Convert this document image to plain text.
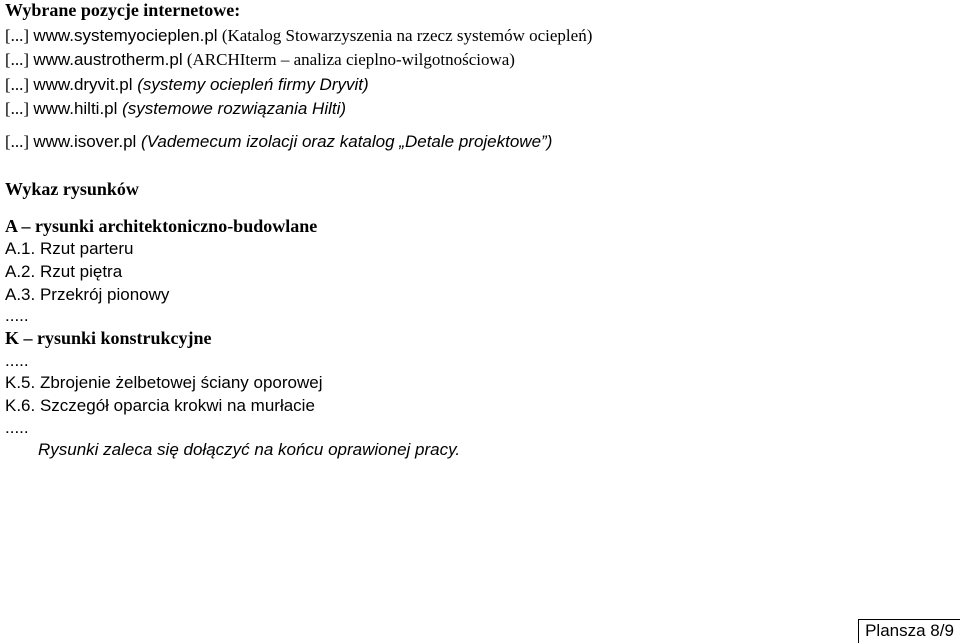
Wybrane pozycje internetowe:
[...] www.systemyocieplen.pl (Katalog Stowarzyszenia na rzecz systemów ociepleń)
[...] www.austrotherm.pl (ARCHIterm – analiza cieplno-wilgotnościowa)
[...] www.dryvit.pl (systemy ociepleń firmy Dryvit)
[...] www.hilti.pl (systemowe rozwiązania Hilti)
[...] www.isover.pl (Vademecum izolacji oraz katalog „Detale projektowe”)
Wykaz rysunków
A – rysunki architektoniczno-budowlane
A.1. Rzut parteru
A.2. Rzut piętra
A.3. Przekrój pionowy
.....
K – rysunki konstrukcyjne
.....
K.5. Zbrojenie żelbetowej ściany oporowej
K.6. Szczegół oparcia krokwi na murłacie
.....
Rysunki zaleca się dołączyć na końcu oprawionej pracy.
Plansza 8/9
